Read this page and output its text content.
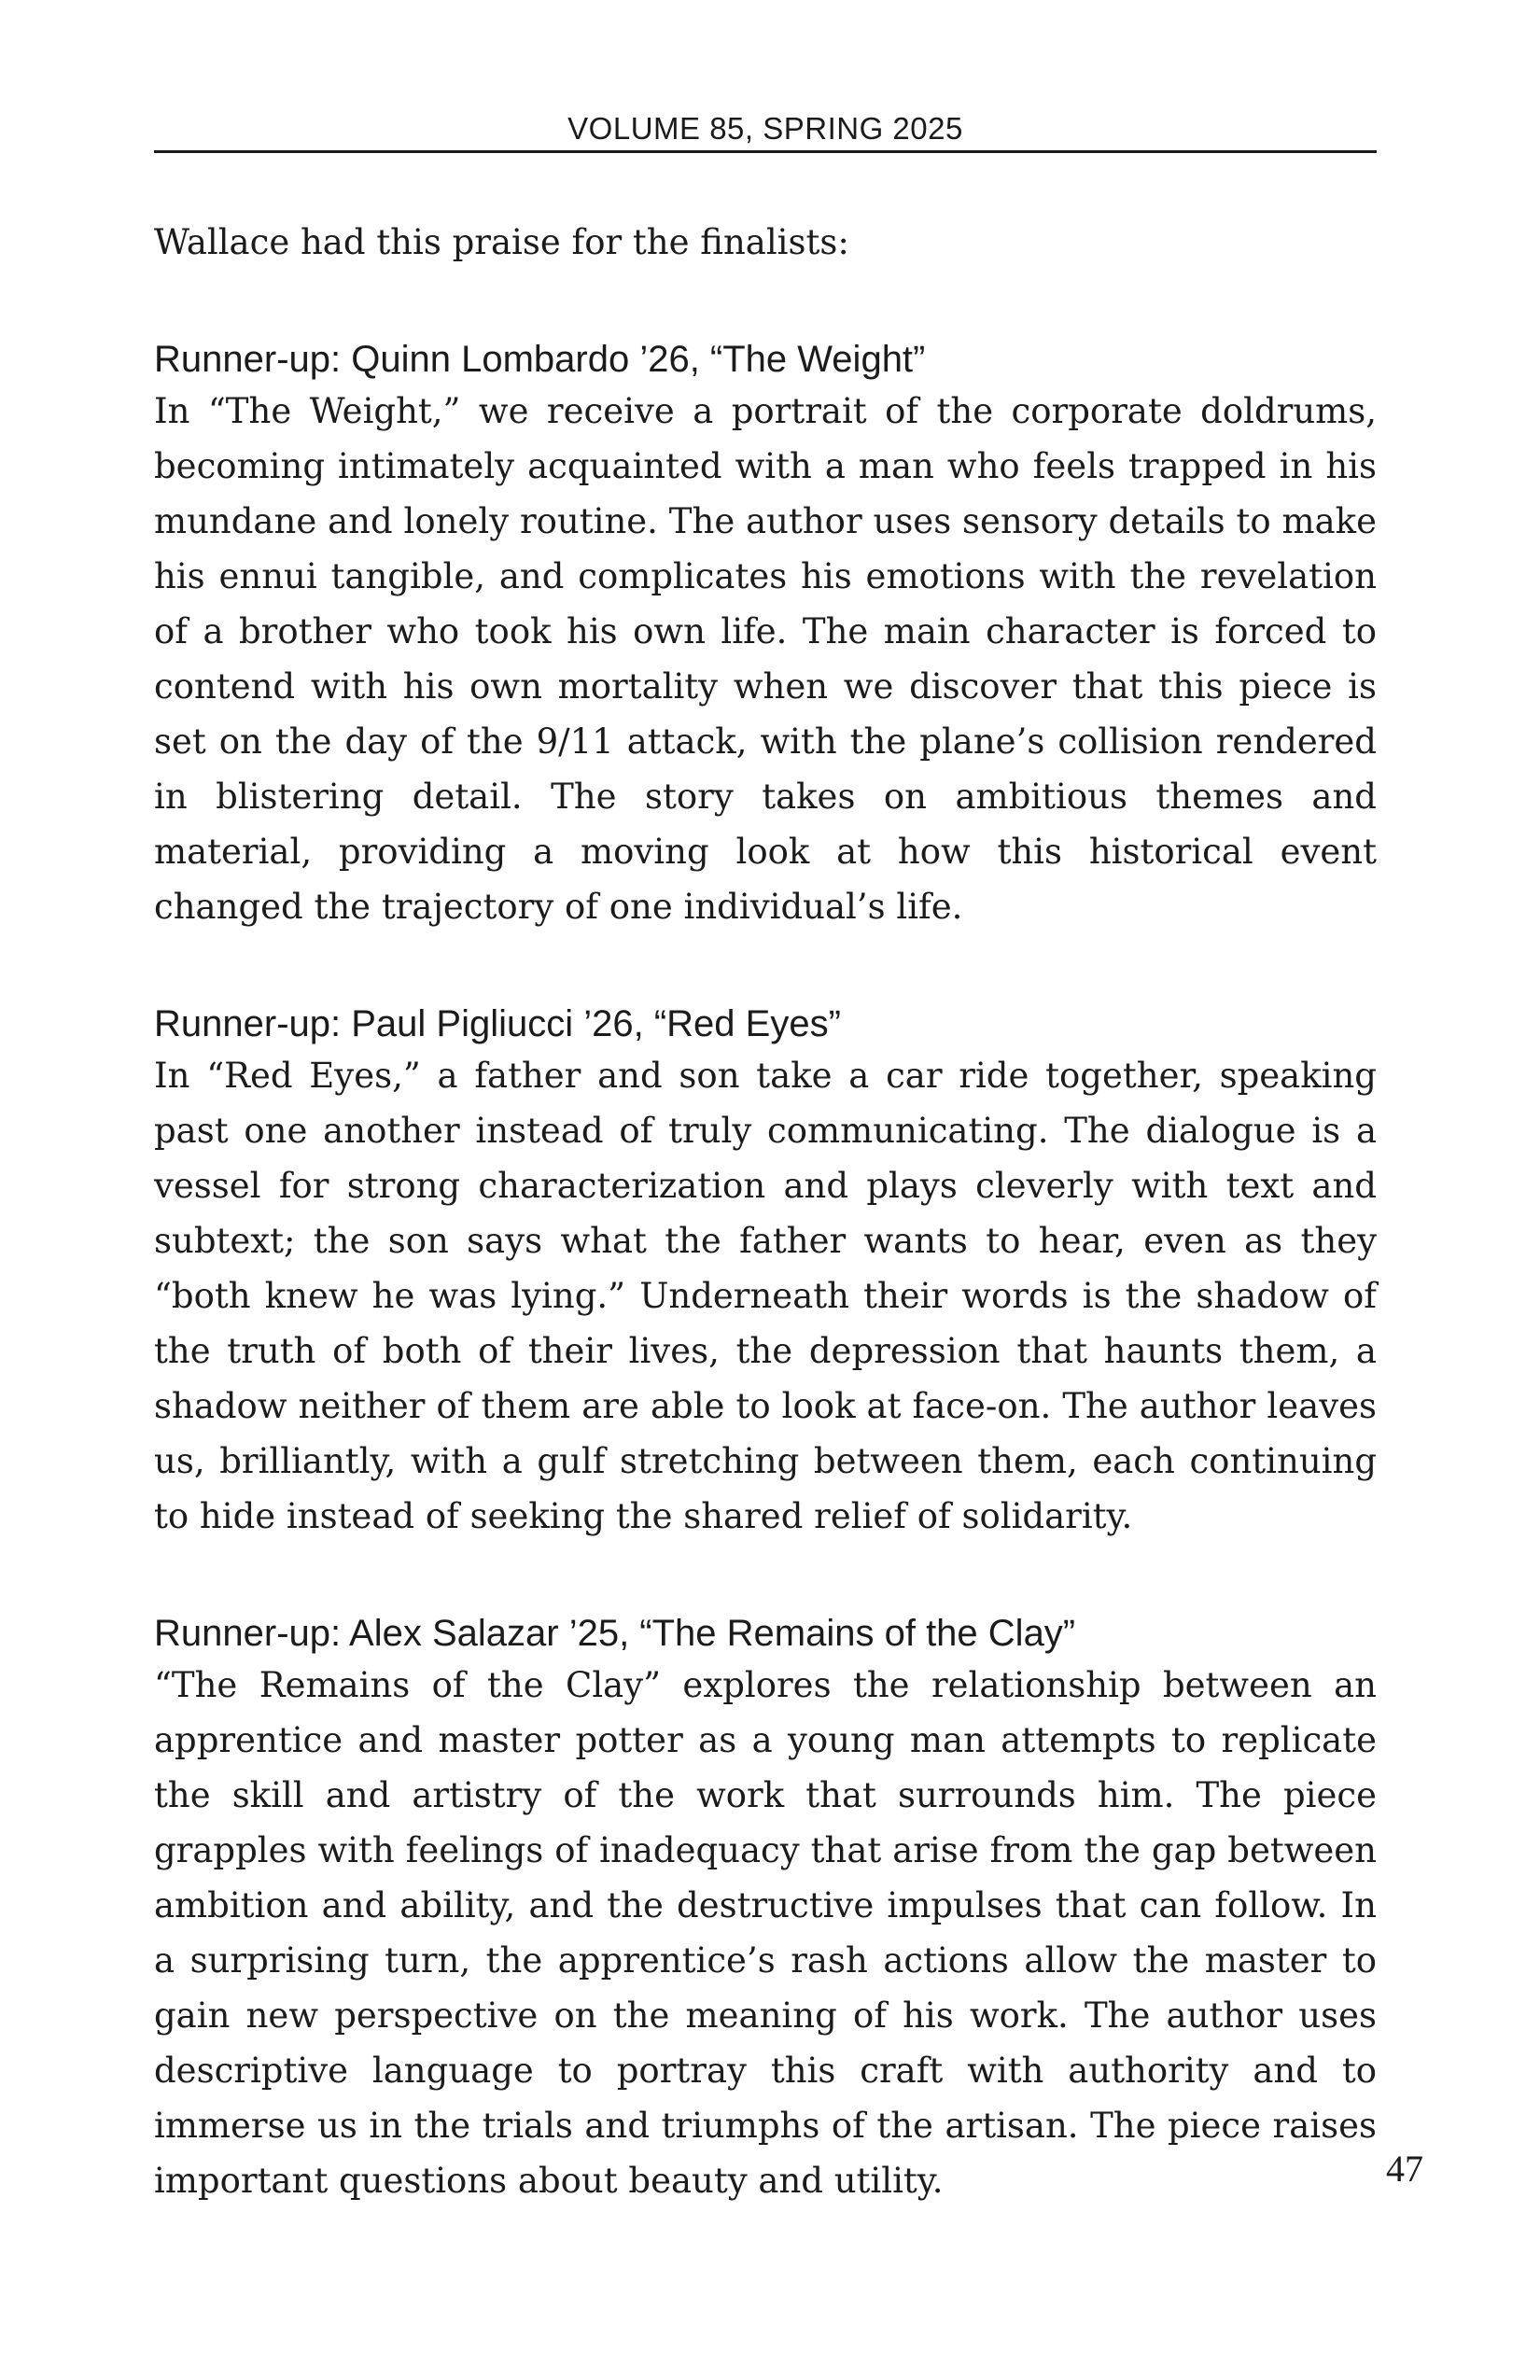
VOLUME 85, SPRING 2025

Wallace had this praise for the finalists:

Runner-up: Quinn Lombardo ’26, “The Weight”

In “The Weight,” we receive a portrait of the corporate doldrums, becoming intimately acquainted with a man who feels trapped in his mundane and lonely routine. The author uses sensory details to make his ennui tangible, and complicates his emotions with the revelation of a brother who took his own life. The main character is forced to contend with his own mortality when we discover that this piece is set on the day of the 9/11 attack, with the plane’s collision rendered in blistering detail. The story takes on ambitious themes and material, providing a moving look at how this historical event changed the trajectory of one individual’s life.

Runner-up: Paul Pigliucci ’26, “Red Eyes”

In “Red Eyes,” a father and son take a car ride together, speaking past one another instead of truly communicating. The dialogue is a vessel for strong characterization and plays cleverly with text and subtext; the son says what the father wants to hear, even as they “both knew he was lying.” Underneath their words is the shadow of the truth of both of their lives, the depression that haunts them, a shadow neither of them are able to look at face-on. The author leaves us, brilliantly, with a gulf stretching between them, each continuing to hide instead of seeking the shared relief of solidarity.

Runner-up: Alex Salazar ’25, “The Remains of the Clay”

“The Remains of the Clay” explores the relationship between an apprentice and master potter as a young man attempts to replicate the skill and artistry of the work that surrounds him. The piece grapples with feelings of inadequacy that arise from the gap between ambition and ability, and the destructive impulses that can follow. In a surprising turn, the apprentice’s rash actions allow the master to gain new perspective on the meaning of his work. The author uses descriptive language to portray this craft with authority and to immerse us in the trials and triumphs of the artisan. The piece raises important questions about beauty and utility.	47
